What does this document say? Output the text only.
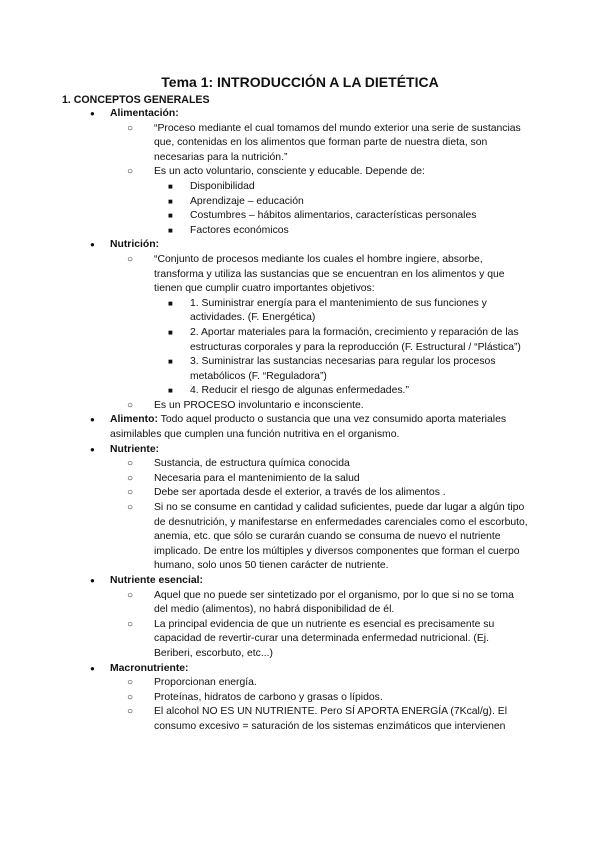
Tema 1: INTRODUCCIÓN A LA DIETÉTICA
1. CONCEPTOS GENERALES
● Alimentación:
○ “Proceso mediante el cual tomamos del mundo exterior una serie de sustancias que, contenidas en los alimentos que forman parte de nuestra dieta, son necesarias para la nutrición.”
○ Es un acto voluntario, consciente y educable. Depende de:
■ Disponibilidad
■ Aprendizaje – educación
■ Costumbres – hábitos alimentarios, características personales
■ Factores económicos
● Nutrición:
○ “Conjunto de procesos mediante los cuales el hombre ingiere, absorbe, transforma y utiliza las sustancias que se encuentran en los alimentos y que tienen que cumplir cuatro importantes objetivos:
■ 1. Suministrar energía para el mantenimiento de sus funciones y actividades. (F. Energética)
■ 2. Aportar materiales para la formación, crecimiento y reparación de las estructuras corporales y para la reproducción (F. Estructural / “Plástica”)
■ 3. Suministrar las sustancias necesarias para regular los procesos metabólicos (F. “Reguladora”)
■ 4. Reducir el riesgo de algunas enfermedades.”
○ Es un PROCESO involuntario e inconsciente.
● Alimento: Todo aquel producto o sustancia que una vez consumido aporta materiales asimilables que cumplen una función nutritiva en el organismo.
● Nutriente:
○ Sustancia, de estructura química conocida
○ Necesaria para el mantenimiento de la salud
○ Debe ser aportada desde el exterior, a través de los alimentos .
○ Si no se consume en cantidad y calidad suficientes, puede dar lugar a algún tipo de desnutrición, y manifestarse en enfermedades carenciales como el escorbuto, anemia, etc. que sólo se curarán cuando se consuma de nuevo el nutriente implicado. De entre los múltiples y diversos componentes que forman el cuerpo humano, solo unos 50 tienen carácter de nutriente.
● Nutriente esencial:
○ Aquel que no puede ser sintetizado por el organismo, por lo que si no se toma del medio (alimentos), no habrá disponibilidad de él.
○ La principal evidencia de que un nutriente es esencial es precisamente su capacidad de revertir-curar una determinada enfermedad nutricional. (Ej. Beriberi, escorbuto, etc...)
● Macronutriente:
○ Proporcionan energía.
○ Proteínas, hidratos de carbono y grasas o lípidos.
○ El alcohol NO ES UN NUTRIENTE. Pero SÍ APORTA ENERGÍA (7Kcal/g). El consumo excesivo = saturación de los sistemas enzimáticos que intervienen
